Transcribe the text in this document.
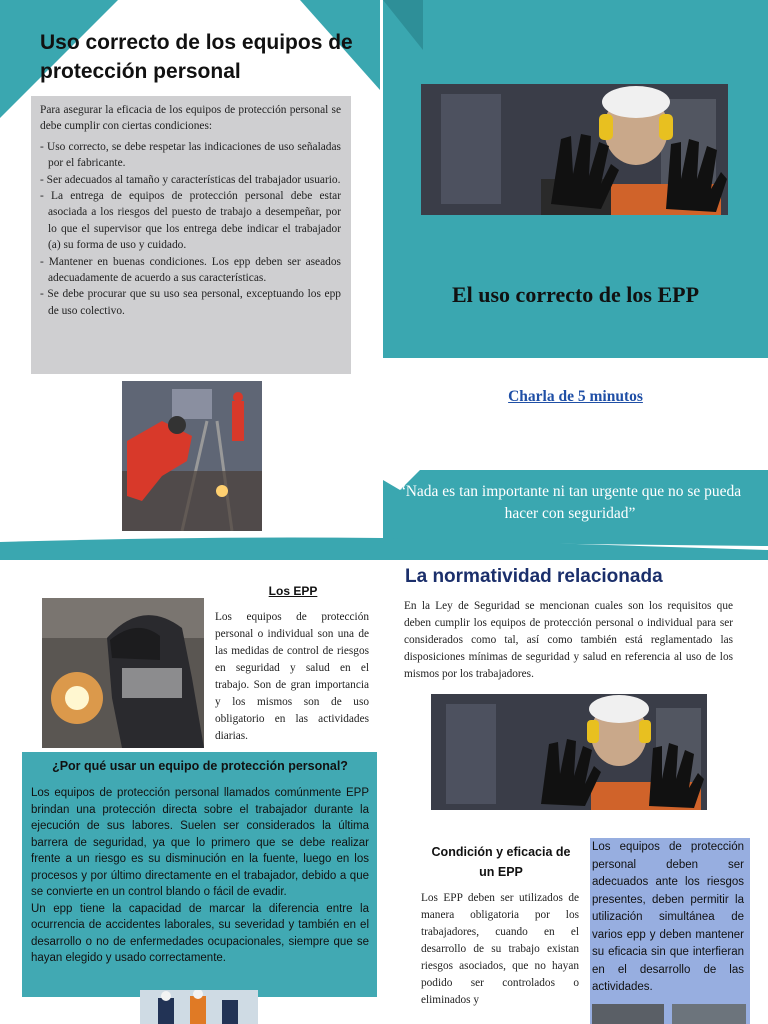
Uso correcto de los equipos de protección personal

Para asegurar la eficacia de los equipos de protección personal se debe cumplir con ciertas condiciones:

- Uso correcto, se debe respetar las indicaciones de uso señaladas por el fabricante.
- Ser adecuados al tamaño y características del trabajador usuario.
- La entrega de equipos de protección personal debe estar asociada a los riesgos del puesto de trabajo a desempeñar, por lo que el supervisor que los entrega debe indicar el trabajador (a) su forma de uso y cuidado.
- Mantener en buenas condiciones. Los epp deben ser aseados adecuadamente de acuerdo a sus características.
- Se debe procurar que su uso sea personal, exceptuando los epp de uso colectivo.
El uso correcto de los EPP
Charla de 5 minutos
“Nada es tan importante ni tan urgente que no se pueda hacer con seguridad”
Los EPP
Los equipos de protección personal o individual son una de las medidas de control de riesgos en seguridad y salud en el trabajo. Son de gran importancia y los mismos son de uso obligatorio en las actividades diarias.
¿Por qué usar un equipo de protección personal?
Los equipos de protección personal llamados comúnmente EPP brindan una protección directa sobre el trabajador durante la ejecución de sus labores. Suelen ser considerados la última barrera de seguridad, ya que lo primero que se debe realizar frente a un riesgo es su disminución en la fuente, luego en los procesos y por último directamente en el trabajador, debido a que se convierte en un control blando o fácil de evadir.
Un epp tiene la capacidad de marcar la diferencia entre la ocurrencia de accidentes laborales, su severidad y también en el desarrollo o no de enfermedades ocupacionales, siempre que se hayan elegido y usado correctamente.
La normatividad relacionada
En la Ley de Seguridad se mencionan cuales son los requisitos que deben cumplir los equipos de protección personal o individual para ser considerados como tal, así como también está reglamentado las disposiciones mínimas de seguridad y salud en referencia al uso de los mismos por los trabajadores.
Condición y eficacia de un EPP
Los EPP deben ser utilizados de manera obligatoria por los trabajadores, cuando en el desarrollo de su trabajo existan riesgos asociados, que no hayan podido ser controlados o eliminados y
Los equipos de protección personal deben ser adecuados ante los riesgos presentes, deben permitir la utilización simultánea de varios epp y deben mantener su eficacia sin que interfieran en el desarrollo de las actividades.
